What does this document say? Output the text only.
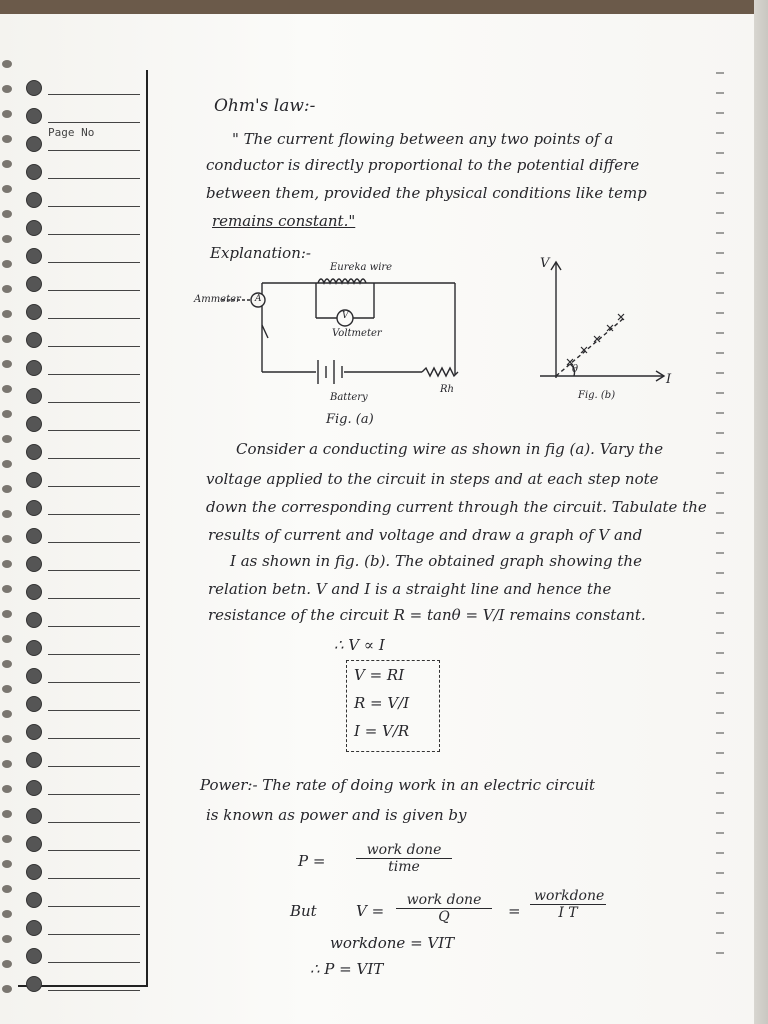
Page No
Ohm's law:-
" The current flowing between any two points of a
conductor is directly proportional to the potential differe
between them, provided the physical conditions like temp
remains constant."
Explanation:-
Ammeter A
Eureka wire
V
Voltmeter
Battery
Rh
Fig. (a)
V
I
θ
Fig. (b)
Consider a conducting wire as shown in fig (a). Vary the
voltage applied to the circuit in steps and at each step note
down the corresponding current through the circuit. Tabulate the
results of current and voltage and draw a graph of V and
I as shown in fig. (b). The obtained graph showing the
relation betn. V and I is a straight line and hence the
resistance of the circuit R = tanθ = V/I remains constant.
∴ V ∝ I
V = RI
R = V/I
I = V/R
Power:- The rate of doing work in an electric circuit
is known as power and is given by
P =
work done
time
But	V =
work done
Q	=
workdone
I T
workdone = VIT
∴ P = VIT
